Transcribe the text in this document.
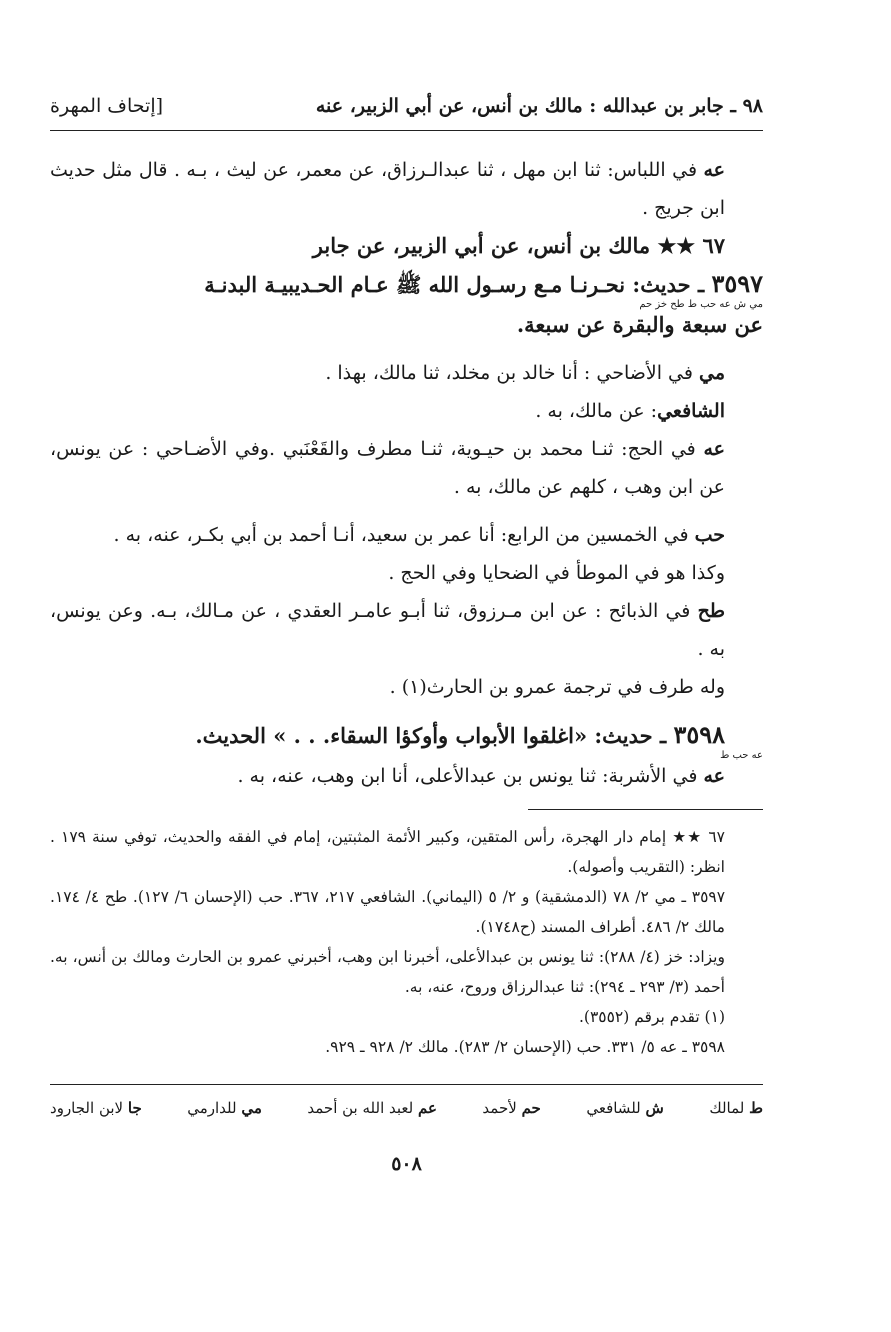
٩٨ ـ جابر بن عبدالله : مالك بن أنس، عن أبي الزبير، عنه
[إتحاف المهرة

عه في اللباس: ثنا ابن مهل ، ثنا عبدالـرزاق، عن معمر، عن ليث ، بـه . قال مثل حديث ابن جريج .

٦٧ ★★ مالك بن أنس، عن أبي الزبير، عن جابر

٣٥٩٧ ـ حديث: نحـرنـا مـع رسـول الله ﷺ عـام الحـديبيـة البدنـة

مي ش عه حب ط طح خز حم

عن سبعة والبقرة عن سبعة.

مي في الأضاحي : أنا خالد بن مخلد، ثنا مالك، بهذا .

الشافعي: عن مالك، به .

عه في الحج: ثنـا محمد بن حيـوية، ثنـا مطرف والقَعْنَبي .وفي الأضـاحي : عن يونس، عن ابن وهب ، كلهم عن مالك، به .

حب في الخمسين من الرابع: أنا عمر بن سعيد، أنـا أحمد بن أبي بكـر، عنه، به .

وكذا هو في الموطأ في الضحايا وفي الحج .

طح في الذبائح : عن ابن مـرزوق، ثنا أبـو عامـر العقدي ، عن مـالك، بـه. وعن يونس، به .

وله طرف في ترجمة عمرو بن الحارث(١) .

٣٥٩٨ ـ حديث: «اغلقوا الأبواب وأوكؤا السقاء. . . » الحديث.

عه حب ط

عه في الأشربة: ثنا يونس بن عبدالأعلى، أنا ابن وهب، عنه، به .

٦٧ ★★ إمام دار الهجرة، رأس المتقين، وكبير الأئمة المثبتين، إمام في الفقه والحديث، توفي سنة ١٧٩ . انظر: (التقريب وأصوله).

٣٥٩٧ ـ مي ٢/ ٧٨ (الدمشقية) و ٢/ ٥ (اليماني). الشافعي ٢١٧، ٣٦٧. حب (الإحسان ٦/ ١٢٧). طح ٤/ ١٧٤. مالك ٢/ ٤٨٦. أطراف المسند (ح١٧٤٨).

ويزاد: خز (٤/ ٢٨٨): ثنا يونس بن عبدالأعلى، أخبرنا ابن وهب، أخبرني عمرو بن الحارث ومالك بن أنس، به. أحمد (٣/ ٢٩٣ ـ ٢٩٤): ثنا عبدالرزاق وروح، عنه، به.

(١) تقدم برقم (٣٥٥٢).

٣٥٩٨ ـ عه ٥/ ٣٣١. حب (الإحسان ٢/ ٢٨٣). مالك ٢/ ٩٢٨ ـ ٩٢٩.

ط لمالك
ش للشافعي
حم لأحمد
عم لعبد الله بن أحمد
مي للدارمي
جا لابن الجارود
٥٠٨
